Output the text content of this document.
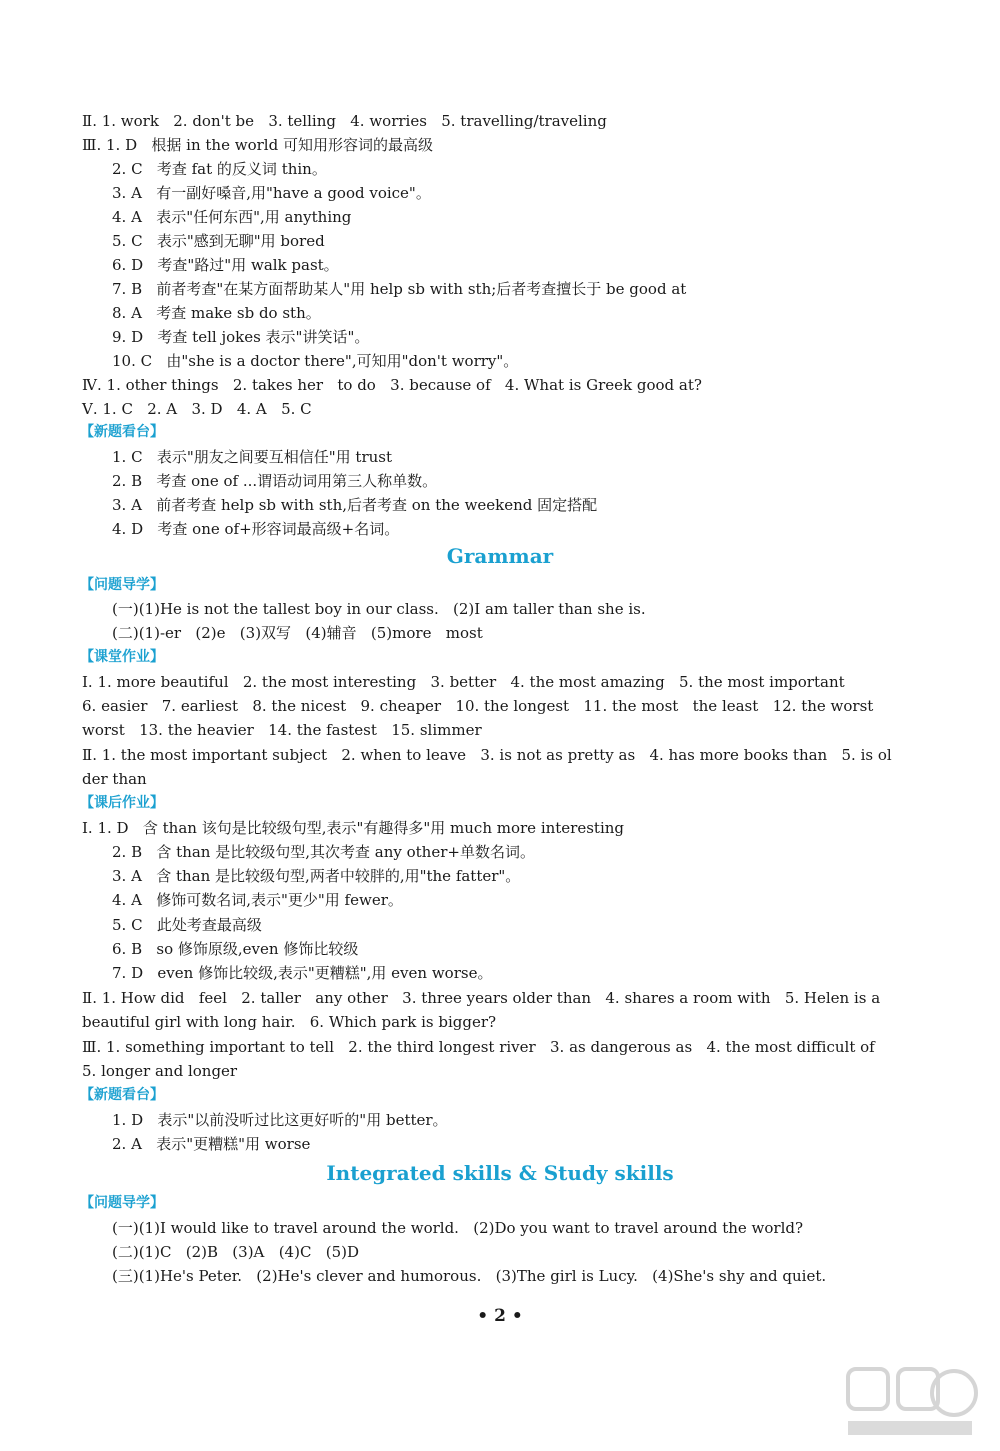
Ⅱ. 1. work   2. don't be   3. telling   4. worries   5. travelling/traveling
Ⅲ. 1. D   根据 in the world 可知用形容词的最高级
2. C   考查 fat 的反义词 thin。
3. A   有一副好嗓音,用"have a good voice"。
4. A   表示"任何东西",用 anything
5. C   表示"感到无聊"用 bored
6. D   考查"路过"用 walk past。
7. B   前者考查"在某方面帮助某人"用 help sb with sth;后者考查擅长于 be good at
8. A   考查 make sb do sth。
9. D   考查 tell jokes 表示"讲笑话"。
10. C   由"she is a doctor there",可知用"don't worry"。
Ⅳ. 1. other things   2. takes her   to do   3. because of   4. What is Greek good at?
Ⅴ. 1. C   2. A   3. D   4. A   5. C
【新题看台】
1. C   表示"朋友之间要互相信任"用 trust
2. B   考查 one of ...谓语动词用第三人称单数。
3. A   前者考查 help sb with sth,后者考查 on the weekend 固定搭配
4. D   考查 one of+形容词最高级+名词。
Grammar
【问题导学】
(一)(1)He is not the tallest boy in our class.   (2)I am taller than she is.
(二)(1)-er   (2)e   (3)双写   (4)辅音   (5)more   most
【课堂作业】
Ⅰ. 1. more beautiful   2. the most interesting   3. better   4. the most amazing   5. the most important
6. easier   7. earliest   8. the nicest   9. cheaper   10. the longest   11. the most   the least   12. the worst
worst   13. the heavier   14. the fastest   15. slimmer
Ⅱ. 1. the most important subject   2. when to leave   3. is not as pretty as   4. has more books than   5. is ol
der than
【课后作业】
Ⅰ. 1. D   含 than 该句是比较级句型,表示"有趣得多"用 much more interesting
2. B   含 than 是比较级句型,其次考查 any other+单数名词。
3. A   含 than 是比较级句型,两者中较胖的,用"the fatter"。
4. A   修饰可数名词,表示"更少"用 fewer。
5. C   此处考查最高级
6. B   so 修饰原级,even 修饰比较级
7. D   even 修饰比较级,表示"更糟糕",用 even worse。
Ⅱ. 1. How did   feel   2. taller   any other   3. three years older than   4. shares a room with   5. Helen is a
beautiful girl with long hair.   6. Which park is bigger?
Ⅲ. 1. something important to tell   2. the third longest river   3. as dangerous as   4. the most difficult of
5. longer and longer
【新题看台】
1. D   表示"以前没听过比这更好听的"用 better。
2. A   表示"更糟糕"用 worse
Integrated skills & Study skills
【问题导学】
(一)(1)I would like to travel around the world.   (2)Do you want to travel around the world?
(二)(1)C   (2)B   (3)A   (4)C   (5)D
(三)(1)He's Peter.   (2)He's clever and humorous.   (3)The girl is Lucy.   (4)She's shy and quiet.
• 2 •
